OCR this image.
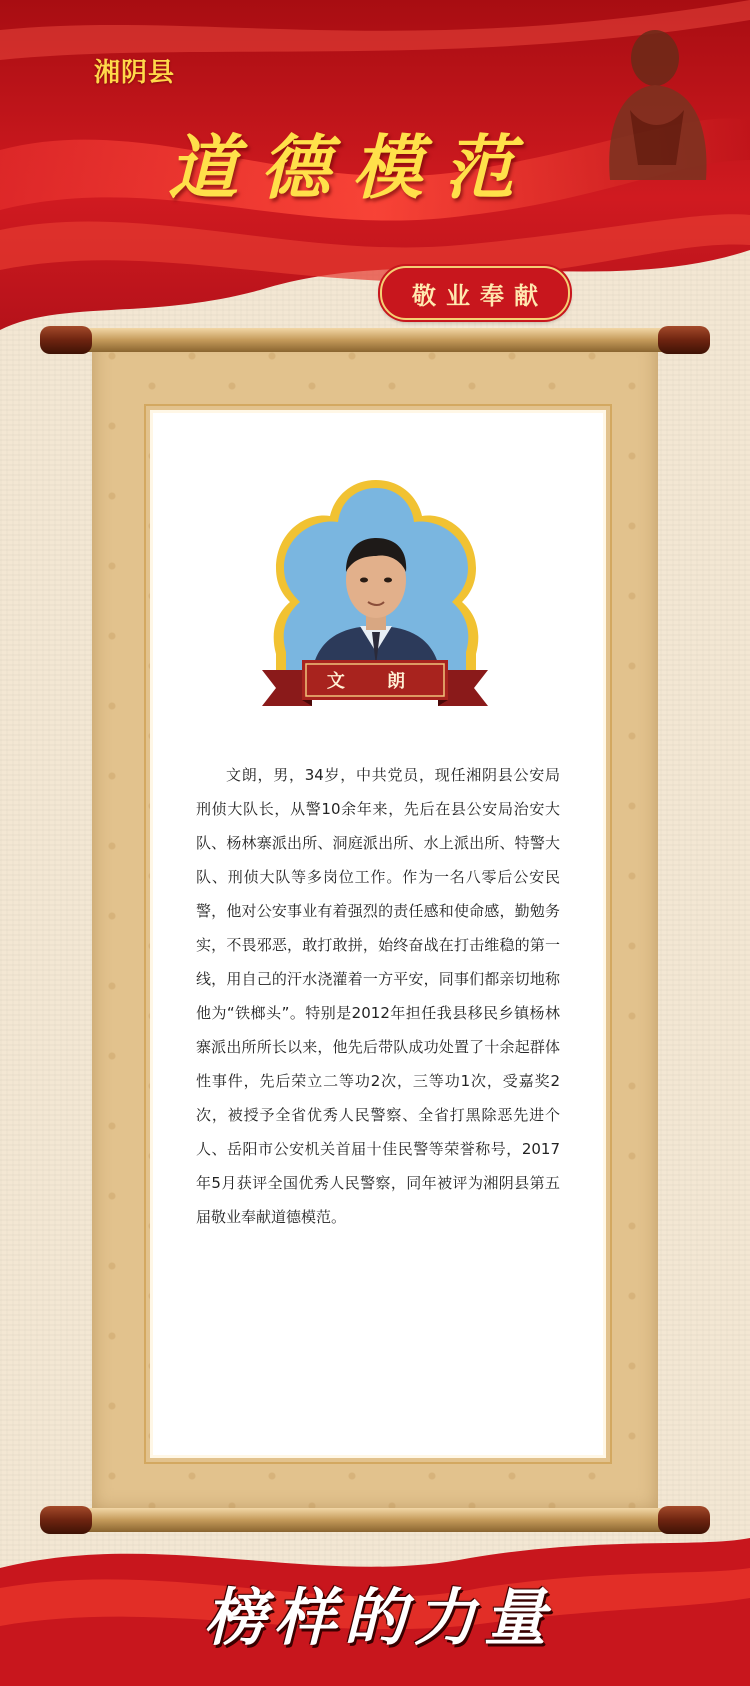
湘阴县
道德模范
敬业奉献
文 朗
文朗，男，34岁，中共党员，现任湘阴县公安局刑侦大队长，从警10余年来，先后在县公安局治安大队、杨林寨派出所、洞庭派出所、水上派出所、特警大队、刑侦大队等多岗位工作。作为一名八零后公安民警，他对公安事业有着强烈的责任感和使命感，勤勉务实，不畏邪恶，敢打敢拼，始终奋战在打击维稳的第一线，用自己的汗水浇灌着一方平安，同事们都亲切地称他为“铁榔头”。特别是2012年担任我县移民乡镇杨林寨派出所所长以来，他先后带队成功处置了十余起群体性事件，先后荣立二等功2次，三等功1次，受嘉奖2次，被授予全省优秀人民警察、全省打黑除恶先进个人、岳阳市公安机关首届十佳民警等荣誉称号，2017年5月获评全国优秀人民警察，同年被评为湘阴县第五届敬业奉献道德模范。
榜样的力量
